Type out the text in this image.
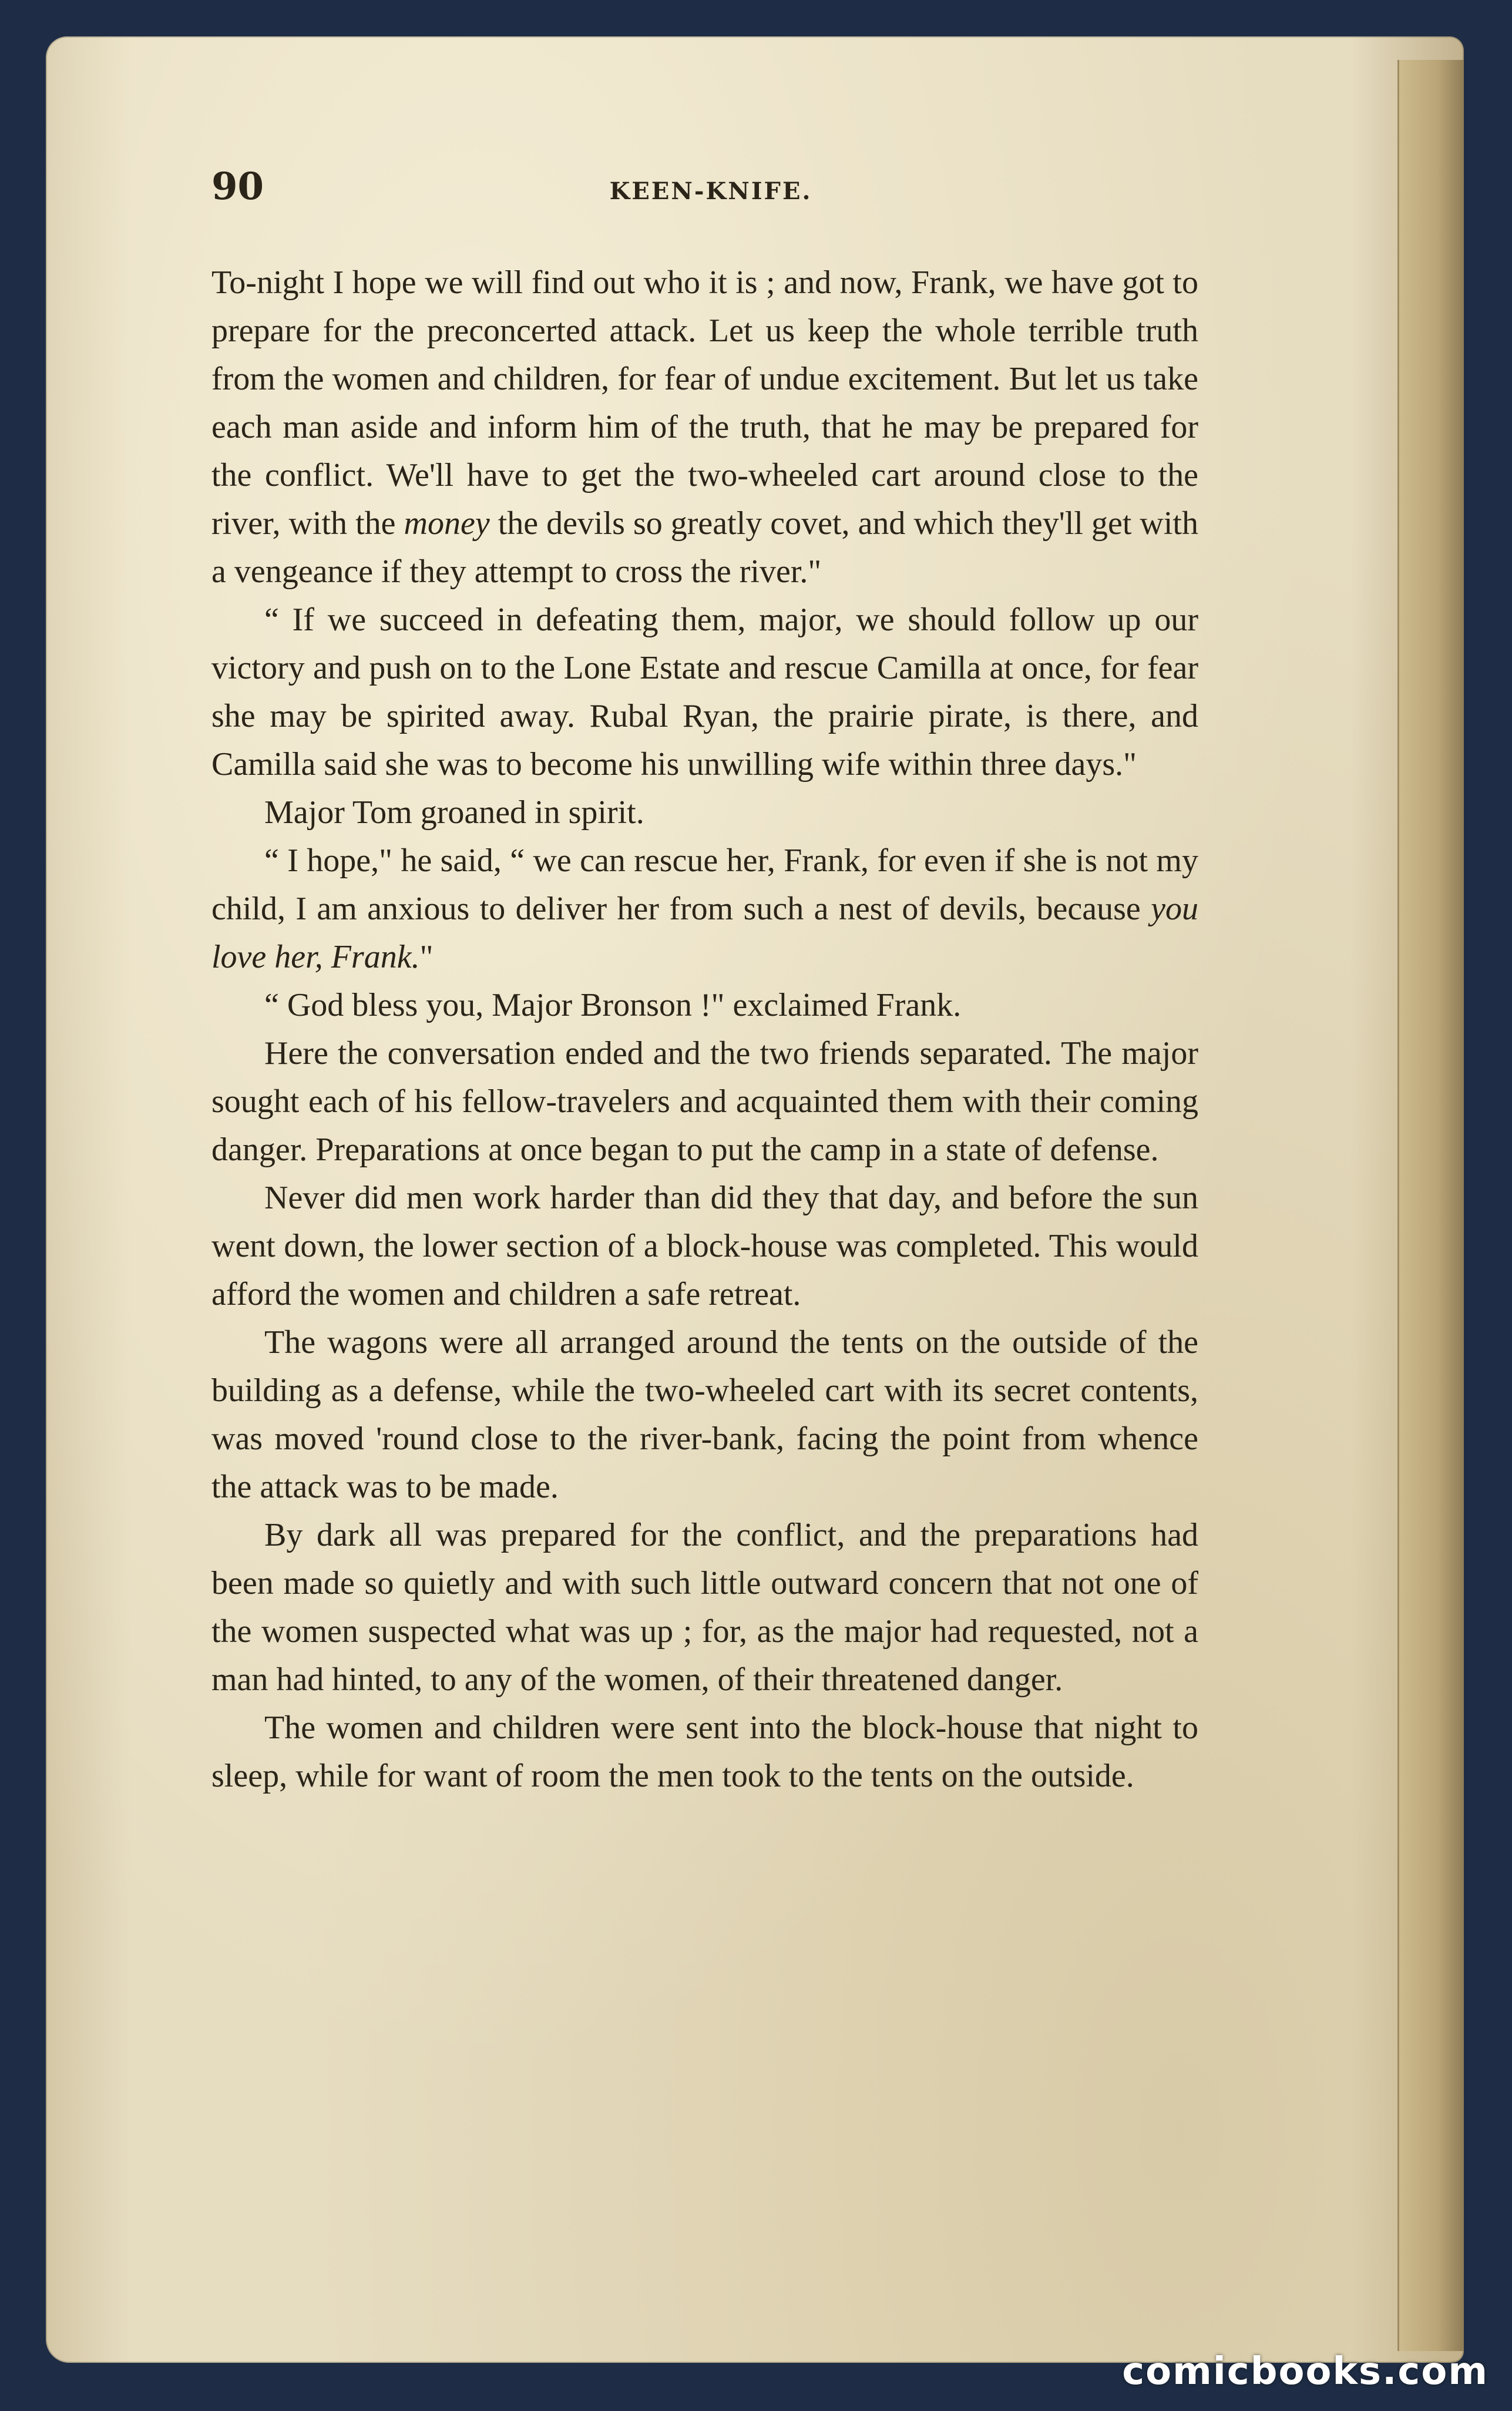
90	KEEN-KNIFE.

To-night I hope we will find out who it is ; and now, Frank, we have got to prepare for the preconcerted attack. Let us keep the whole terrible truth from the women and children, for fear of undue excitement. But let us take each man aside and inform him of the truth, that he may be prepared for the conflict. We'll have to get the two-wheeled cart around close to the river, with the money the devils so greatly covet, and which they'll get with a vengeance if they attempt to cross the river."

“ If we succeed in defeating them, major, we should follow up our victory and push on to the Lone Estate and rescue Camilla at once, for fear she may be spirited away. Rubal Ryan, the prairie pirate, is there, and Camilla said she was to become his unwilling wife within three days."

Major Tom groaned in spirit.

“ I hope," he said, “ we can rescue her, Frank, for even if she is not my child, I am anxious to deliver her from such a nest of devils, because you love her, Frank."

“ God bless you, Major Bronson !" exclaimed Frank.

Here the conversation ended and the two friends separated. The major sought each of his fellow-travelers and acquainted them with their coming danger. Preparations at once began to put the camp in a state of defense.

Never did men work harder than did they that day, and before the sun went down, the lower section of a block-house was completed. This would afford the women and children a safe retreat.

The wagons were all arranged around the tents on the outside of the building as a defense, while the two-wheeled cart with its secret contents, was moved 'round close to the river-bank, facing the point from whence the attack was to be made.

By dark all was prepared for the conflict, and the preparations had been made so quietly and with such little outward concern that not one of the women suspected what was up ; for, as the major had requested, not a man had hinted, to any of the women, of their threatened danger.

The women and children were sent into the block-house that night to sleep, while for want of room the men took to the tents on the outside.

comicbooks.com
